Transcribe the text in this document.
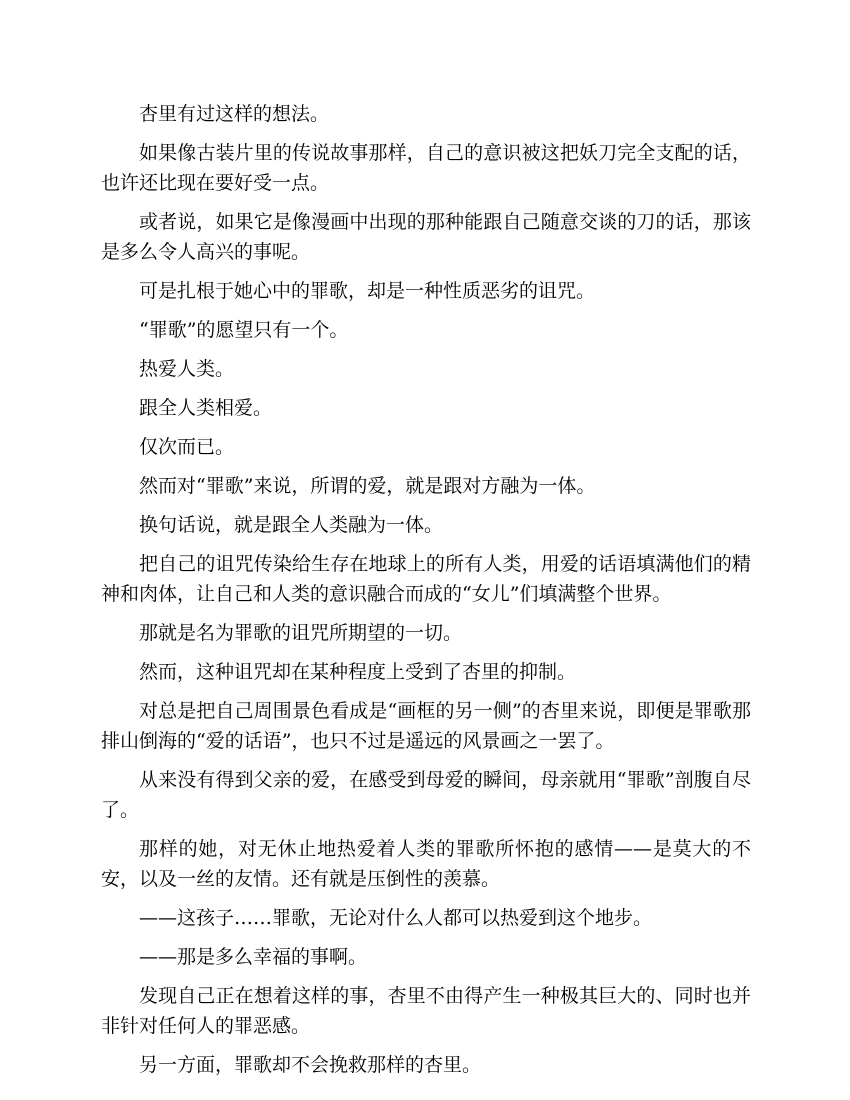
杏里有过这样的想法。

如果像古装片里的传说故事那样，自己的意识被这把妖刀完全支配的话，也许还比现在要好受一点。

或者说，如果它是像漫画中出现的那种能跟自己随意交谈的刀的话，那该是多么令人高兴的事呢。

可是扎根于她心中的罪歌，却是一种性质恶劣的诅咒。

“罪歌”的愿望只有一个。

热爱人类。

跟全人类相爱。

仅次而已。

然而对“罪歌”来说，所谓的爱，就是跟对方融为一体。

换句话说，就是跟全人类融为一体。

把自己的诅咒传染给生存在地球上的所有人类，用爱的话语填满他们的精神和肉体，让自己和人类的意识融合而成的“女儿”们填满整个世界。

那就是名为罪歌的诅咒所期望的一切。

然而，这种诅咒却在某种程度上受到了杏里的抑制。

对总是把自己周围景色看成是“画框的另一侧”的杏里来说，即便是罪歌那排山倒海的“爱的话语”，也只不过是遥远的风景画之一罢了。

从来没有得到父亲的爱，在感受到母爱的瞬间，母亲就用“罪歌”剖腹自尽了。

那样的她，对无休止地热爱着人类的罪歌所怀抱的感情——是莫大的不安，以及一丝的友情。还有就是压倒性的羡慕。

——这孩子……罪歌，无论对什么人都可以热爱到这个地步。

——那是多么幸福的事啊。

发现自己正在想着这样的事，杏里不由得产生一种极其巨大的、同时也并非针对任何人的罪恶感。

另一方面，罪歌却不会挽救那样的杏里。
